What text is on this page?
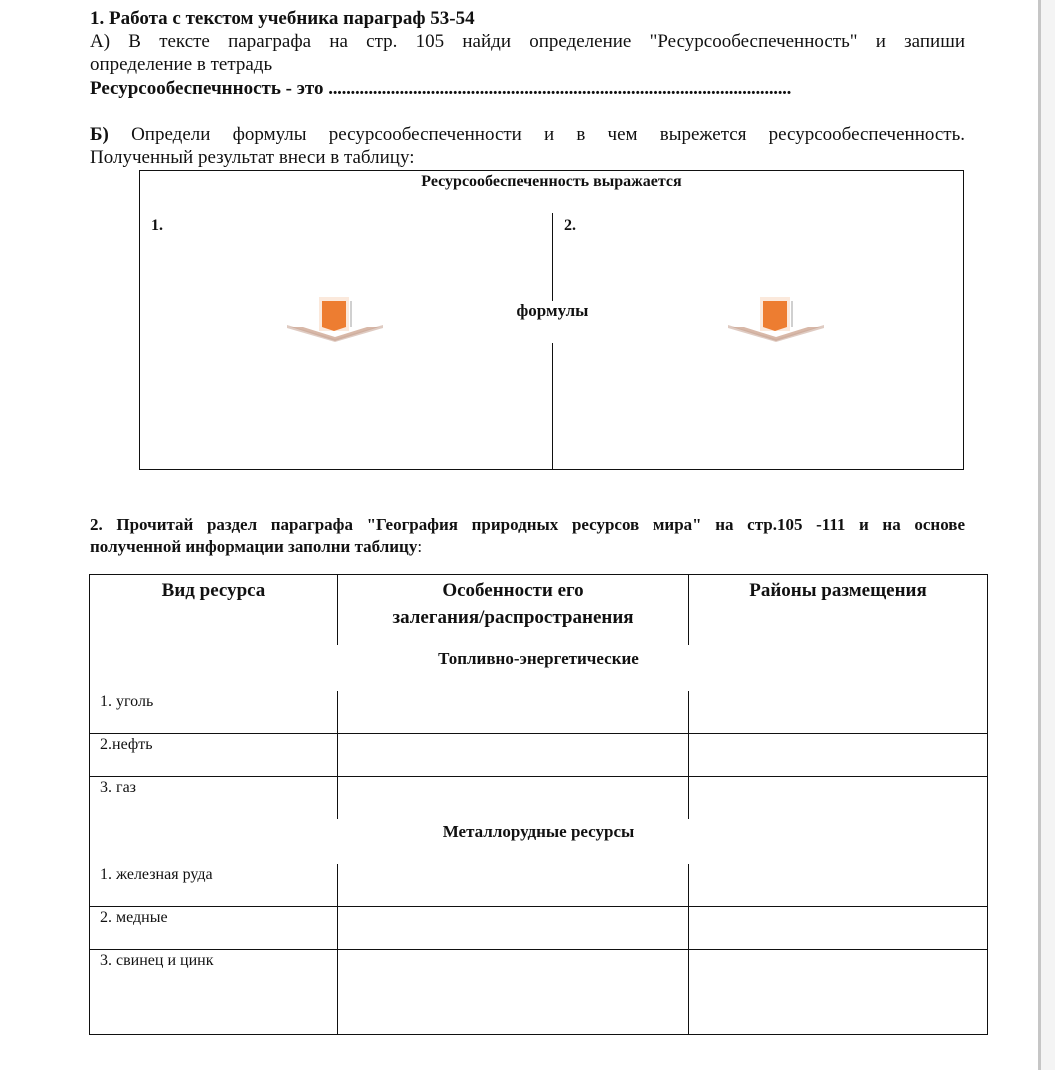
1. Работа с текстом учебника параграф 53-54
А) В тексте параграфа на стр. 105 найди определение "Ресурсообеспеченность" и запиши
определение в тетрадь
Ресурсообеспечнность - это ........................................................................................................
Б) Определи формулы ресурсообеспеченности и в чем вырежется ресурсообеспеченность.
Полученный результат внеси в таблицу:
Ресурсообеспеченность выражается
1.	2.
формулы
2. Прочитай раздел параграфа "География природных ресурсов мира" на стр.105 -111 и на основе
полученной информации заполни таблицу:
Вид ресурса	Особенности его
залегания/распространения
Районы размещения
Топливно-энергетические
1. уголь
2.нефть
3. газ
Металлорудные ресурсы
1. железная руда
2. медные
3. свинец и цинк
